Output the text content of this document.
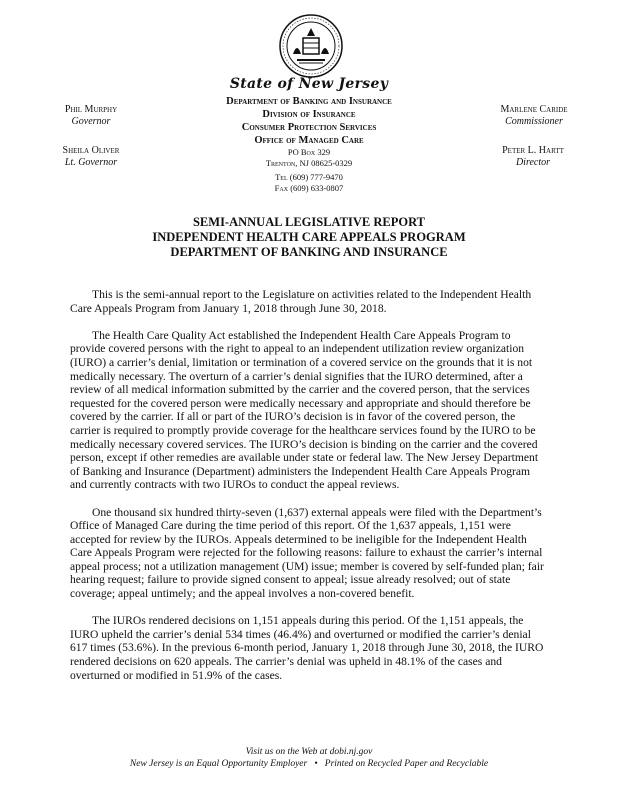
State of New Jersey
Department of Banking and Insurance
Division of Insurance
Consumer Protection Services
Office of Managed Care
PO Box 329
Trenton, NJ 08625-0329
Tel (609) 777-9470
Fax (609) 633-0807
Phil Murphy
Governor
Sheila Oliver
Lt. Governor
Marlene Caride
Commissioner
Peter L. Hartt
Director
SEMI-ANNUAL LEGISLATIVE REPORT
INDEPENDENT HEALTH CARE APPEALS PROGRAM
DEPARTMENT OF BANKING AND INSURANCE

This is the semi-annual report to the Legislature on activities related to the Independent Health Care Appeals Program from January 1, 2018 through June 30, 2018.

The Health Care Quality Act established the Independent Health Care Appeals Program to provide covered persons with the right to appeal to an independent utilization review organization (IURO) a carrier’s denial, limitation or termination of a covered service on the grounds that it is not medically necessary. The overturn of a carrier’s denial signifies that the IURO determined, after a review of all medical information submitted by the carrier and the covered person, that the services requested for the covered person were medically necessary and appropriate and should therefore be covered by the carrier. If all or part of the IURO’s decision is in favor of the covered person, the carrier is required to promptly provide coverage for the healthcare services found by the IURO to be medically necessary covered services. The IURO’s decision is binding on the carrier and the covered person, except if other remedies are available under state or federal law. The New Jersey Department of Banking and Insurance (Department) administers the Independent Health Care Appeals Program and currently contracts with two IUROs to conduct the appeal reviews.

One thousand six hundred thirty-seven (1,637) external appeals were filed with the Department’s Office of Managed Care during the time period of this report. Of the 1,637 appeals, 1,151 were accepted for review by the IUROs. Appeals determined to be ineligible for the Independent Health Care Appeals Program were rejected for the following reasons: failure to exhaust the carrier’s internal appeal process; not a utilization management (UM) issue; member is covered by self-funded plan; fair hearing request; failure to provide signed consent to appeal; issue already resolved; out of state coverage; appeal untimely; and the appeal involves a non-covered benefit.

The IUROs rendered decisions on 1,151 appeals during this period. Of the 1,151 appeals, the IURO upheld the carrier’s denial 534 times (46.4%) and overturned or modified the carrier’s denial 617 times (53.6%). In the previous 6-month period, January 1, 2018 through June 30, 2018, the IURO rendered decisions on 620 appeals. The carrier’s denial was upheld in 48.1% of the cases and overturned or modified in 51.9% of the cases.

Visit us on the Web at dobi.nj.gov
New Jersey is an Equal Opportunity Employer • Printed on Recycled Paper and Recyclable
